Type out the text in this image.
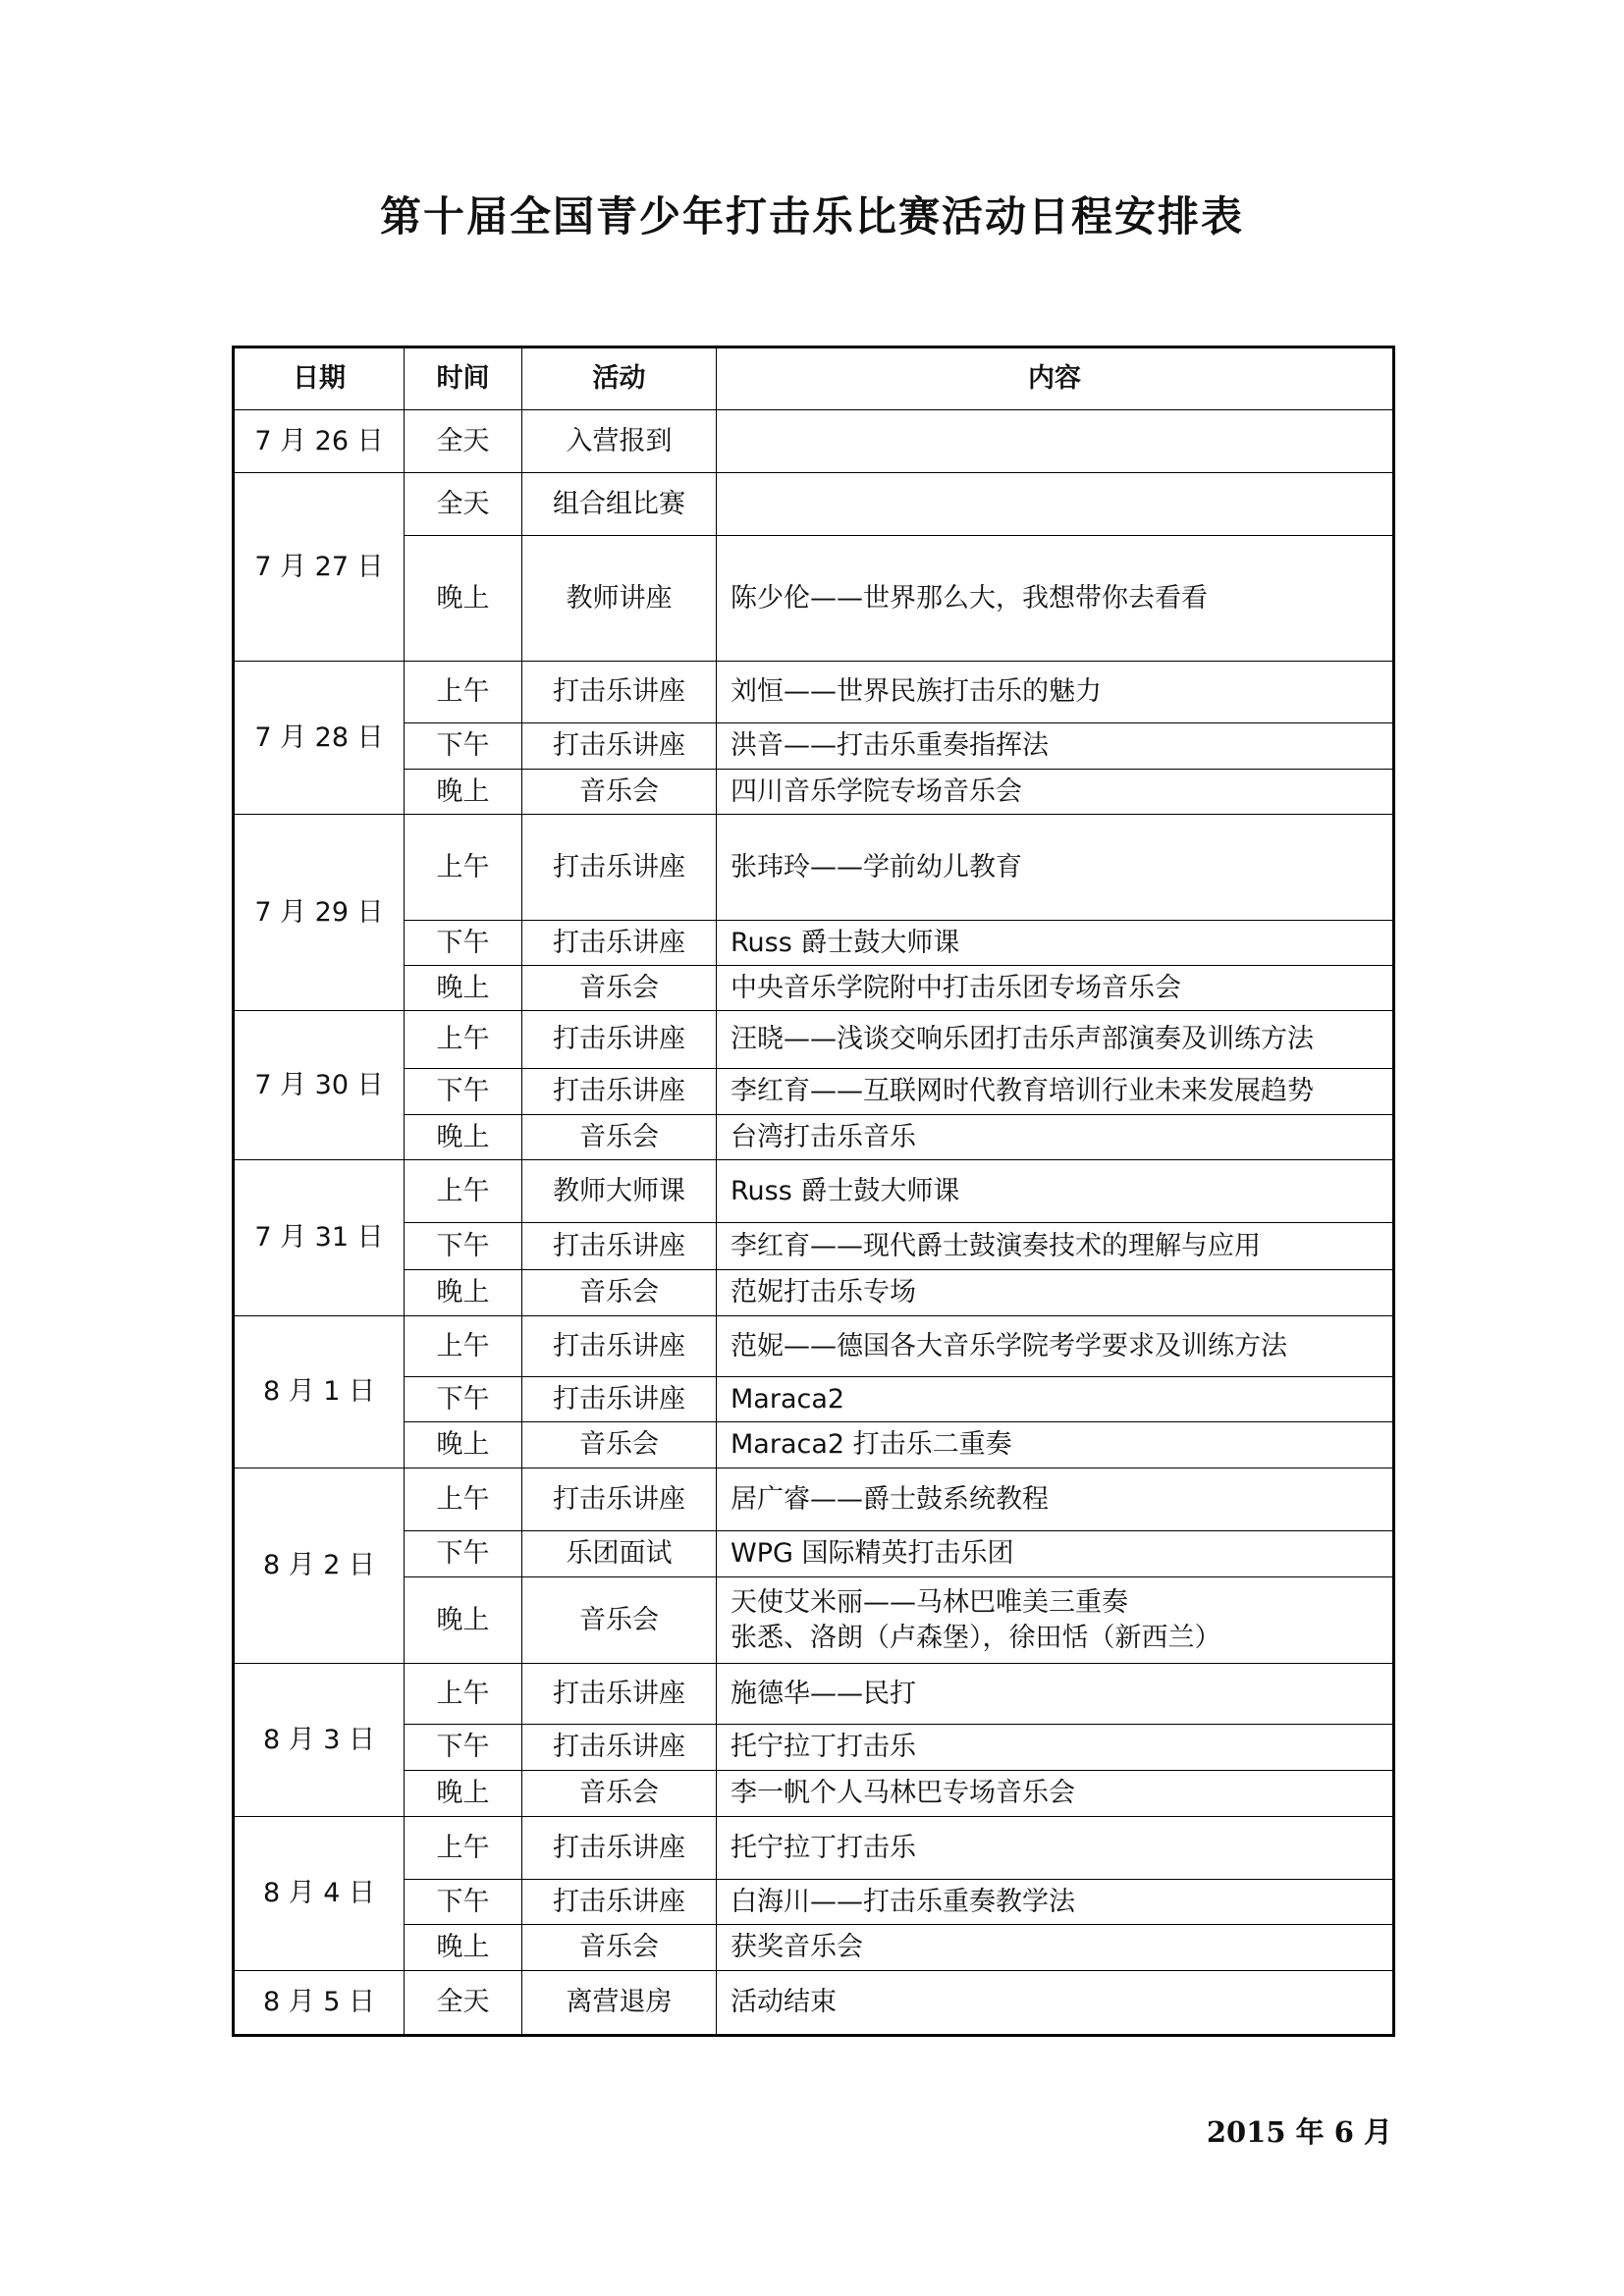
第十届全国青少年打击乐比赛活动日程安排表
日期	时间	活动	内容
7 月 26 日	全天	入营报到	

7 月 27 日	全天	组合组比赛	

	晚上	教师讲座	陈少伦——世界那么大，我想带你去看看

7 月 28 日	上午	打击乐讲座	刘恒——世界民族打击乐的魅力

	下午	打击乐讲座	洪音——打击乐重奏指挥法

	晚上	音乐会	四川音乐学院专场音乐会

7 月 29 日	上午	打击乐讲座	张玮玲——学前幼儿教育

	下午	打击乐讲座	Russ 爵士鼓大师课

	晚上	音乐会	中央音乐学院附中打击乐团专场音乐会

7 月 30 日	上午	打击乐讲座	汪晓——浅谈交响乐团打击乐声部演奏及训练方法

	下午	打击乐讲座	李红育——互联网时代教育培训行业未来发展趋势

	晚上	音乐会	台湾打击乐音乐

7 月 31 日	上午	教师大师课	Russ 爵士鼓大师课

	下午	打击乐讲座	李红育——现代爵士鼓演奏技术的理解与应用

	晚上	音乐会	范妮打击乐专场

8 月 1 日	上午	打击乐讲座	范妮——德国各大音乐学院考学要求及训练方法

	下午	打击乐讲座	Maraca2

	晚上	音乐会	Maraca2 打击乐二重奏

8 月 2 日	上午	打击乐讲座	居广睿——爵士鼓系统教程

	下午	乐团面试	WPG 国际精英打击乐团

	晚上	音乐会	天使艾米丽——马林巴唯美三重奏
张悉、洛朗（卢森堡），徐田恬（新西兰）

8 月 3 日	上午	打击乐讲座	施德华——民打

	下午	打击乐讲座	托宁拉丁打击乐

	晚上	音乐会	李一帆个人马林巴专场音乐会

8 月 4 日	上午	打击乐讲座	托宁拉丁打击乐

	下午	打击乐讲座	白海川——打击乐重奏教学法

	晚上	音乐会	获奖音乐会

8 月 5 日	全天	离营退房	活动结束
2015 年 6 月
